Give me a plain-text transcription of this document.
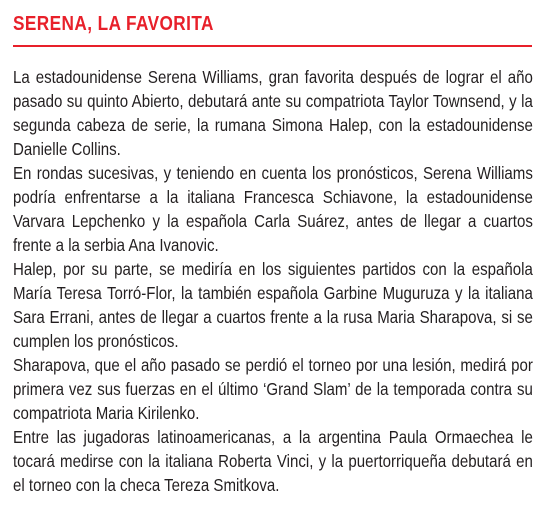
SERENA, LA FAVORITA

La estadounidense Serena Williams, gran favorita después de lograr el año pasado su quinto Abierto, debutará ante su compatriota Taylor Townsend, y la segunda cabeza de serie, la rumana Simona Halep, con la estadounidense Danielle Collins.

En rondas sucesivas, y teniendo en cuenta los pronósticos, Serena Williams podría enfrentarse a la italiana Francesca Schiavone, la estadounidense Varvara Lepchenko y la española Carla Suárez, antes de llegar a cuartos frente a la serbia Ana Ivanovic.

Halep, por su parte, se mediría en los siguientes partidos con la española María Teresa Torró-Flor, la también española Garbine Muguruza y la italiana Sara Errani, antes de llegar a cuartos frente a la rusa Maria Sharapova, si se cumplen los pronósticos.

Sharapova, que el año pasado se perdió el torneo por una lesión, medirá por primera vez sus fuerzas en el último ‘Grand Slam’ de la temporada contra su compatriota Maria Kirilenko.

Entre las jugadoras latinoamericanas, a la argentina Paula Ormaechea le tocará medirse con la italiana Roberta Vinci, y la puertorriqueña debutará en el torneo con la checa Tereza Smitkova.
